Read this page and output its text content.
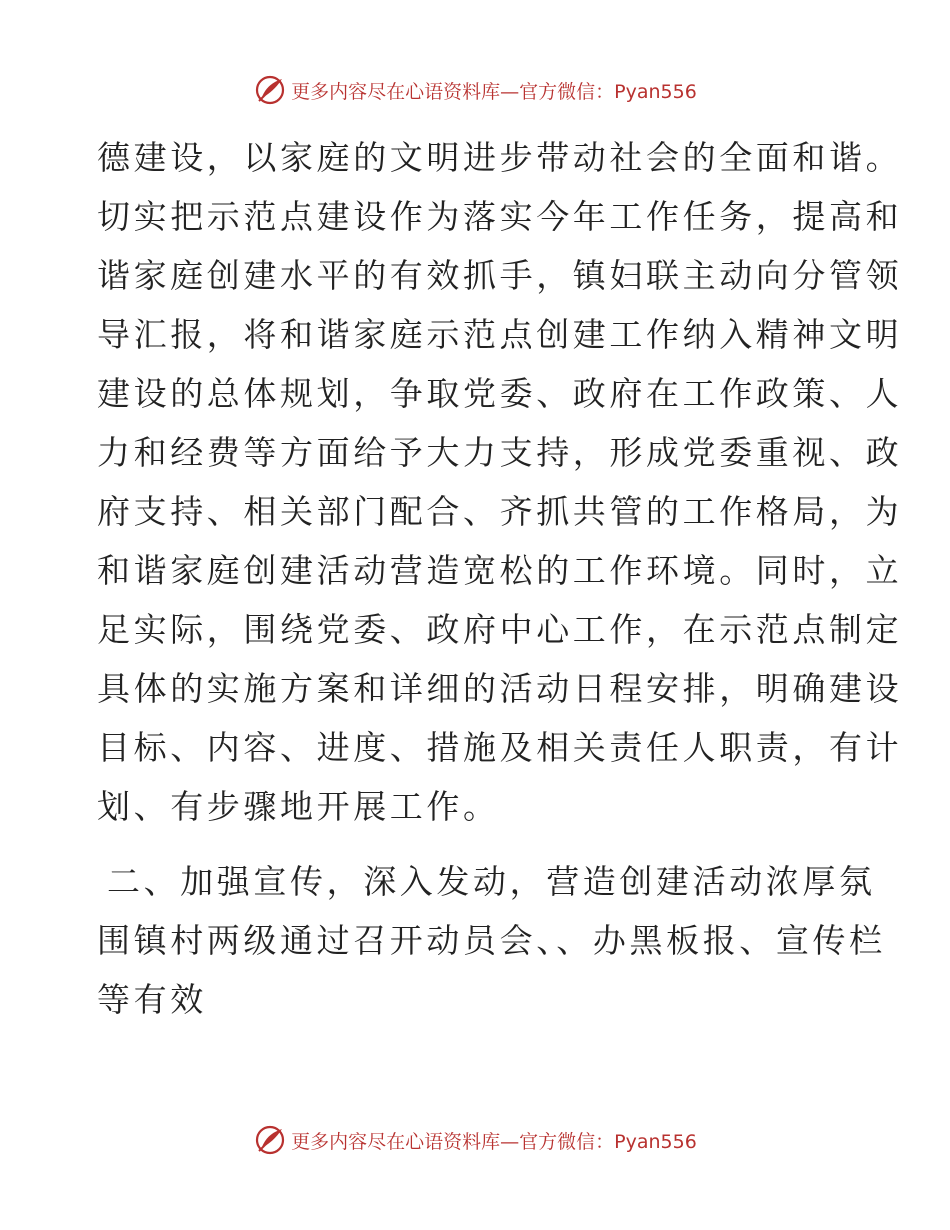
更多内容尽在心语资料库—官方微信：Pyan556
德建设，以家庭的文明进步带动社会的全面和谐。
切实把示范点建设作为落实今年工作任务，提高和
谐家庭创建水平的有效抓手，镇妇联主动向分管领
导汇报，将和谐家庭示范点创建工作纳入精神文明
建设的总体规划，争取党委、政府在工作政策、人
力和经费等方面给予大力支持，形成党委重视、政
府支持、相关部门配合、齐抓共管的工作格局，为
和谐家庭创建活动营造宽松的工作环境。同时，立
足实际，围绕党委、政府中心工作，在示范点制定
具体的实施方案和详细的活动日程安排，明确建设
目标、内容、进度、措施及相关责任人职责，有计
划、有步骤地开展工作。
二、加强宣传，深入发动，营造创建活动浓厚氛
围镇村两级通过召开动员会、、办黑板报、宣传栏
等有效
更多内容尽在心语资料库—官方微信：Pyan556
